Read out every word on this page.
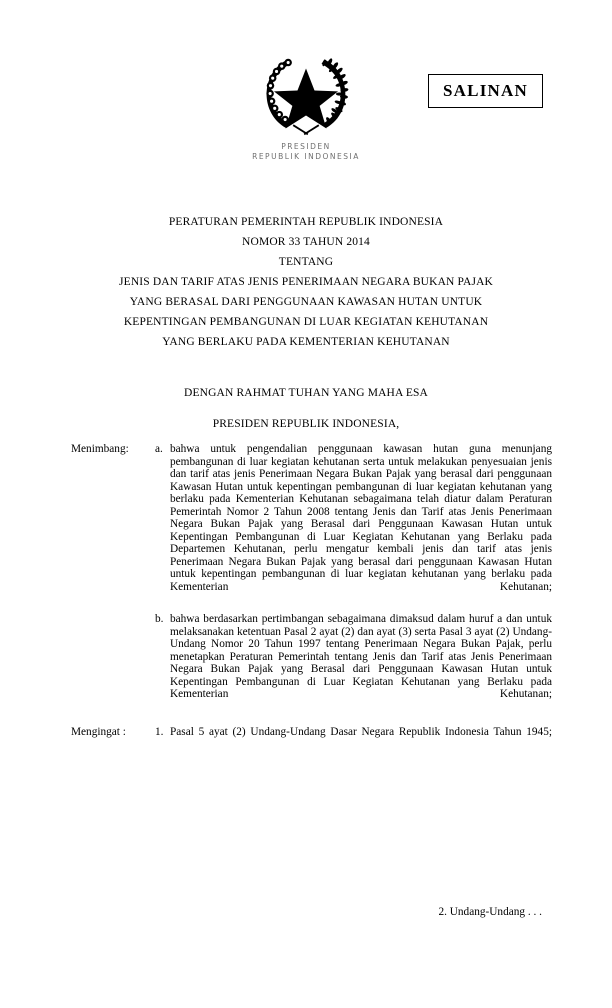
PRESIDEN
REPUBLIK INDONESIA
SALINAN
PERATURAN PEMERINTAH REPUBLIK INDONESIA
NOMOR 33 TAHUN 2014
TENTANG
JENIS DAN TARIF ATAS JENIS PENERIMAAN NEGARA BUKAN PAJAK
YANG BERASAL DARI PENGGUNAAN KAWASAN HUTAN UNTUK
KEPENTINGAN PEMBANGUNAN DI LUAR KEGIATAN KEHUTANAN
YANG BERLAKU PADA KEMENTERIAN KEHUTANAN
DENGAN RAHMAT TUHAN YANG MAHA ESA
PRESIDEN REPUBLIK INDONESIA,
Menimbang:	a. bahwa untuk pengendalian penggunaan kawasan hutan guna menunjang pembangunan di luar kegiatan kehutanan serta untuk melakukan penyesuaian jenis dan tarif atas jenis Penerimaan Negara Bukan Pajak yang berasal dari penggunaan Kawasan Hutan untuk kepentingan pembangunan di luar kegiatan kehutanan yang berlaku pada Kementerian Kehutanan sebagaimana telah diatur dalam Peraturan Pemerintah Nomor 2 Tahun 2008 tentang Jenis dan Tarif atas Jenis Penerimaan Negara Bukan Pajak yang Berasal dari Penggunaan Kawasan Hutan untuk Kepentingan Pembangunan di Luar Kegiatan Kehutanan yang Berlaku pada Departemen Kehutanan, perlu mengatur kembali jenis dan tarif atas jenis Penerimaan Negara Bukan Pajak yang berasal dari penggunaan Kawasan Hutan untuk kepentingan pembangunan di luar kegiatan kehutanan yang berlaku pada Kementerian Kehutanan;
b. bahwa berdasarkan pertimbangan sebagaimana dimaksud dalam huruf a dan untuk melaksanakan ketentuan Pasal 2 ayat (2) dan ayat (3) serta Pasal 3 ayat (2) Undang-Undang Nomor 20 Tahun 1997 tentang Penerimaan Negara Bukan Pajak, perlu menetapkan Peraturan Pemerintah tentang Jenis dan Tarif atas Jenis Penerimaan Negara Bukan Pajak yang Berasal dari Penggunaan Kawasan Hutan untuk Kepentingan Pembangunan di Luar Kegiatan Kehutanan yang Berlaku pada Kementerian Kehutanan;
Mengingat :	1. Pasal 5 ayat (2) Undang-Undang Dasar Negara Republik Indonesia Tahun 1945;
2. Undang-Undang . . .
